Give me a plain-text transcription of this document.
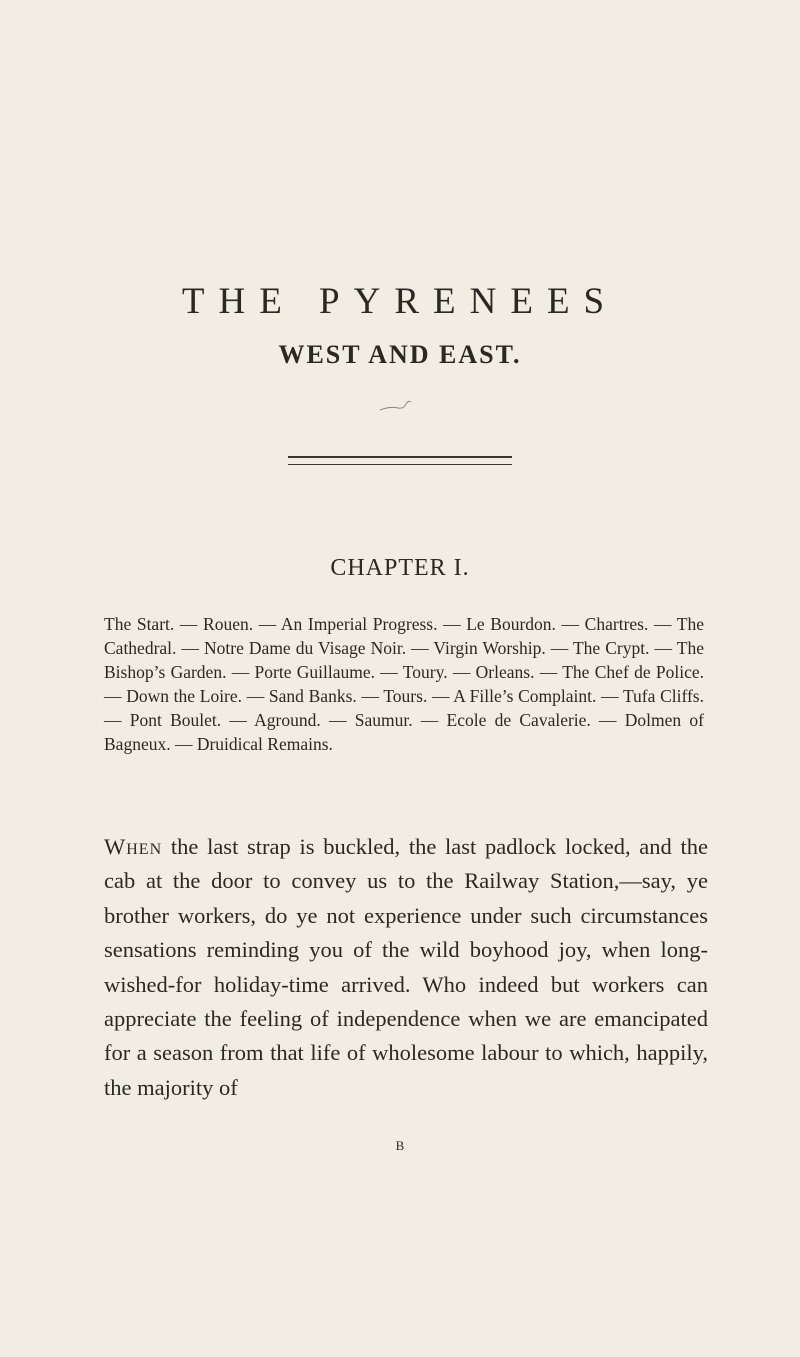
THE PYRENEES
WEST AND EAST.
CHAPTER I.

The Start. — Rouen. — An Imperial Progress. — Le Bourdon. — Chartres. — The Cathedral. — Notre Dame du Visage Noir. — Virgin Worship. — The Crypt. — The Bishop’s Garden. — Porte Guillaume. — Toury. — Orleans. — The Chef de Police. — Down the Loire. — Sand Banks. — Tours. — A Fille’s Complaint. — Tufa Cliffs. — Pont Boulet. — Aground. — Saumur. — Ecole de Cavalerie. — Dolmen of Bagneux. — Druidical Remains.

When the last strap is buckled, the last padlock locked, and the cab at the door to convey us to the Railway Station,—say, ye brother workers, do ye not experience under such circumstances sensations reminding you of the wild boyhood joy, when long-wished-for holiday-time arrived. Who indeed but workers can appreciate the feeling of independence when we are emancipated for a season from that life of wholesome labour to which, happily, the majority of

B
